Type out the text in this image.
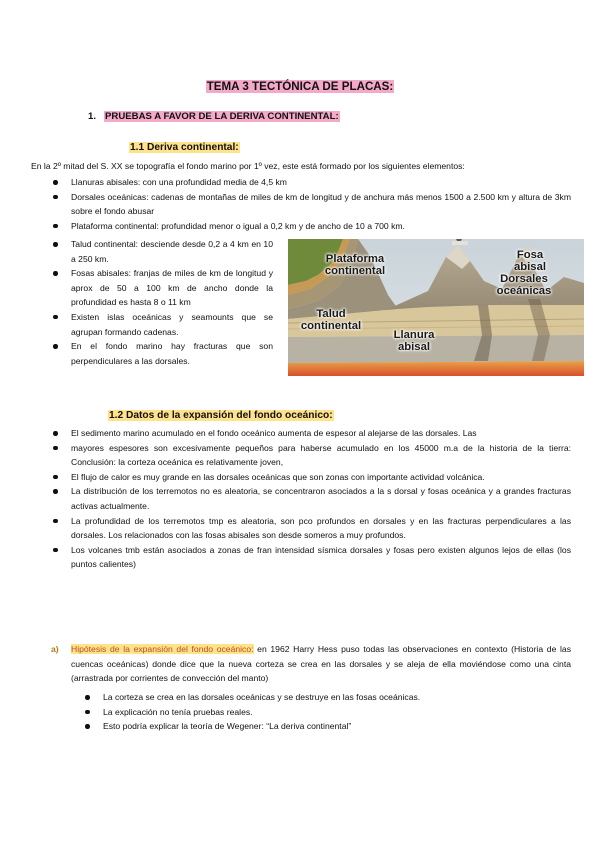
TEMA 3 TECTÓNICA DE PLACAS:
1. PRUEBAS A FAVOR DE LA DERIVA CONTINENTAL:
1.1 Deriva continental:
En la 2º mitad del S. XX se topografía el fondo marino por 1º vez, este está formado por los siguientes elementos:
Llanuras abisales: con una profundidad media de 4,5 km
Dorsales oceánicas: cadenas de montañas de miles de km de longitud y de anchura más menos 1500 a 2.500 km y altura de 3km sobre el fondo abusar
Plataforma continental: profundidad menor o igual a 0,2 km y de ancho de 10 a 700 km.
Talud continental: desciende desde 0,2 a 4 km en 10 a 250 km.
Fosas abisales: franjas de miles de km de longitud y aprox de 50 a 100 km de ancho donde la profundidad es hasta 8 o 11 km
Existen islas oceánicas y seamounts que se agrupan formando cadenas.
En el fondo marino hay fracturas que son perpendiculares a las dorsales.
Plataforma continental
Fosa abisal
Dorsales oceánicas
Talud continental
Llanura abisal
1.2 Datos de la expansión del fondo oceánico:
El sedimento marino acumulado en el fondo oceánico aumenta de espesor al alejarse de las dorsales. Las
mayores espesores son excesivamente pequeños para haberse acumulado en los 45000 m.a de la historia de la tierra: Conclusión: la corteza oceánica es relativamente joven,
El flujo de calor es muy grande en las dorsales oceánicas que son zonas con importante actividad volcánica.
La distribución de los terremotos no es aleatoria, se concentraron asociados a la s dorsal y fosas oceánica y a grandes fracturas activas actualmente.
La profundidad de los terremotos tmp es aleatoria, son pco profundos en dorsales y en las fracturas perpendiculares a las dorsales. Los relacionados con las fosas abisales son desde someros a muy profundos.
Los volcanes tmb están asociados a zonas de fran intensidad sísmica dorsales y fosas pero existen algunos lejos de ellas (los puntos calientes)
a)	Hipótesis de la expansión del fondo oceánico: en 1962 Harry Hess puso todas las observaciones en contexto (Historia de las cuencas oceánicas) donde dice que la nueva corteza se crea en las dorsales y se aleja de ella moviéndose como una cinta (arrastrada por corrientes de convección del manto)
La corteza se crea en las dorsales oceánicas y se destruye en las fosas oceánicas.
La explicación no tenía pruebas reales.
Esto podría explicar la teoría de Wegener: “La deriva continental”
